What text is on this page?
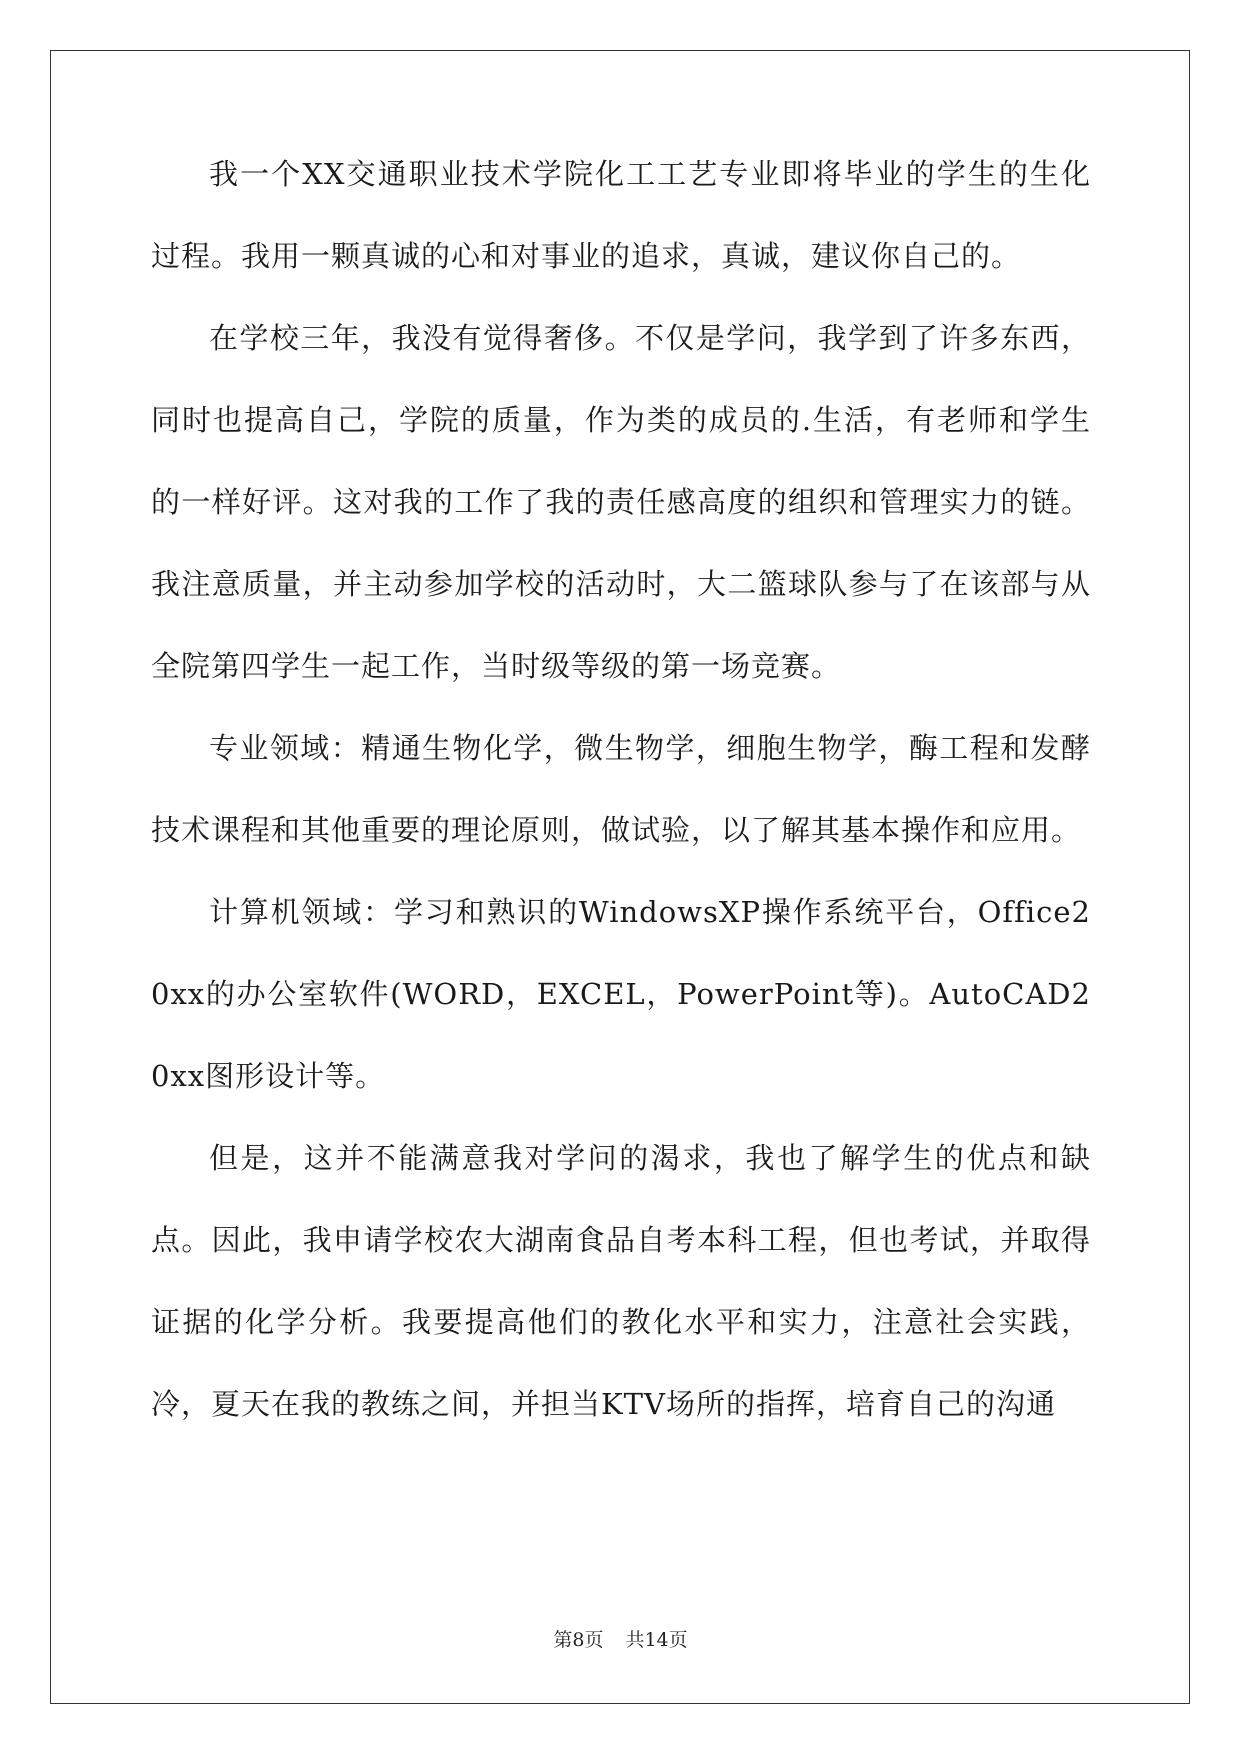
我一个XX交通职业技术学院化工工艺专业即将毕业的学生的生化过程。我用一颗真诚的心和对事业的追求，真诚，建议你自己的。

在学校三年，我没有觉得奢侈。不仅是学问，我学到了许多东西，同时也提高自己，学院的质量，作为类的成员的.生活，有老师和学生的一样好评。这对我的工作了我的责任感高度的组织和管理实力的链。我注意质量，并主动参加学校的活动时，大二篮球队参与了在该部与从全院第四学生一起工作，当时级等级的第一场竞赛。

专业领域：精通生物化学，微生物学，细胞生物学，酶工程和发酵技术课程和其他重要的理论原则，做试验，以了解其基本操作和应用。

计算机领域：学习和熟识的WindowsXP操作系统平台，Office20xx的办公室软件(WORD，EXCEL，PowerPoint等)。AutoCAD20xx图形设计等。

但是，这并不能满意我对学问的渴求，我也了解学生的优点和缺点。因此，我申请学校农大湖南食品自考本科工程，但也考试，并取得证据的化学分析。我要提高他们的教化水平和实力，注意社会实践，冷，夏天在我的教练之间，并担当KTV场所的指挥，培育自己的沟通

第8页 共14页
